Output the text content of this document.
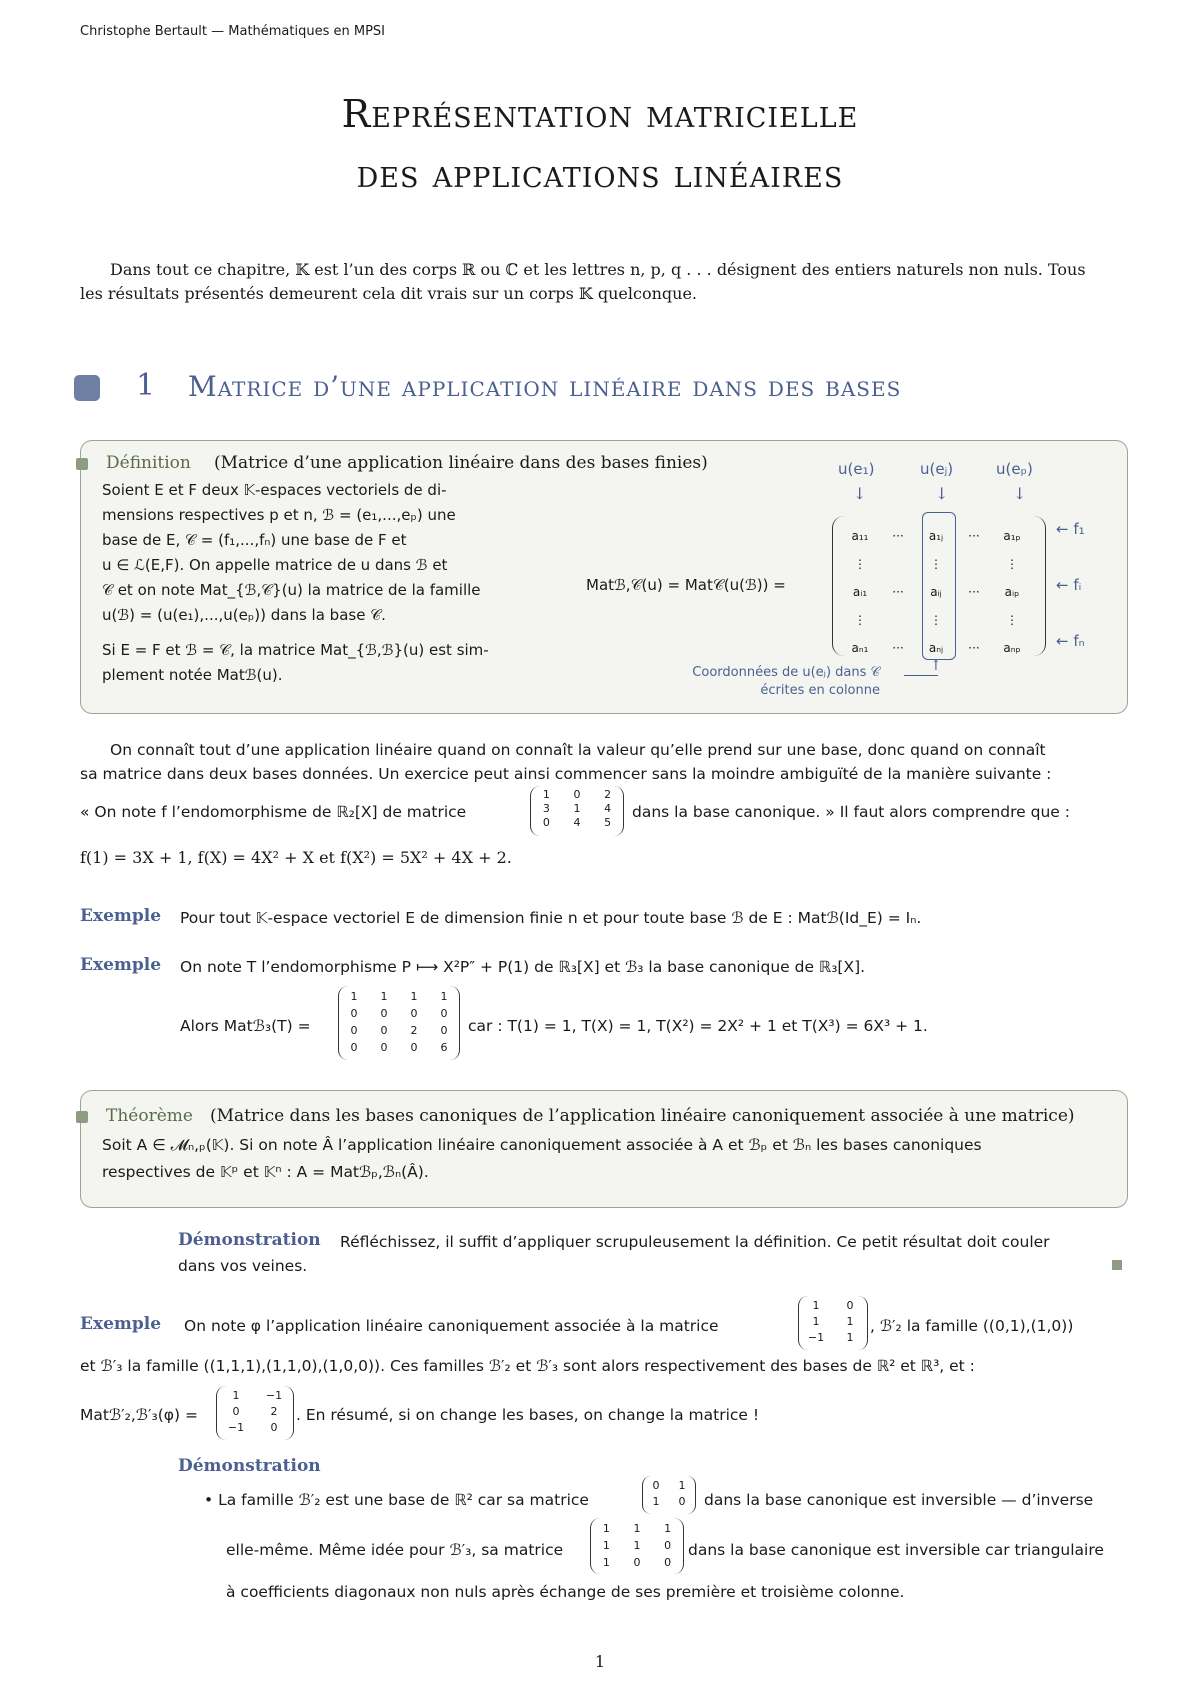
Christophe Bertault — Mathématiques en MPSI
Représentation matricielle
des applications linéaires
Dans tout ce chapitre, 𝕂 est l’un des corps ℝ ou ℂ et les lettres n, p, q . . . désignent des entiers naturels non nuls. Tous
les résultats présentés demeurent cela dit vrais sur un corps 𝕂 quelconque.
1 Matrice d’une application linéaire dans des bases
Définition (Matrice d’une application linéaire dans des bases finies)
Soient E et F deux 𝕂-espaces vectoriels de di-
mensions respectives p et n, ℬ = (e₁,...,eₚ) une
base de E, 𝒞 = (f₁,...,fₙ) une base de F et
u ∈ ℒ(E,F). On appelle matrice de u dans ℬ et
𝒞 et on note Mat_{ℬ,𝒞}(u) la matrice de la famille
u(ℬ) = (u(e₁),...,u(eₚ)) dans la base 𝒞.
Si E = F et ℬ = 𝒞, la matrice Mat_{ℬ,ℬ}(u) est sim-
plement notée Matℬ(u).
u(e₁)	u(eⱼ)	u(eₚ)
↓	↓	↓
Matℬ,𝒞(u) = Mat𝒞(u(ℬ)) =
a₁₁	···	a₁ⱼ	···	a₁ₚ
⋮	⋮	⋮
aᵢ₁	···	aᵢⱼ	···	aᵢₚ
⋮	⋮	⋮
aₙ₁	···	aₙⱼ	···	aₙₚ
← f₁
← fᵢ
← fₙ
Coordonnées de u(eⱼ) dans 𝒞
écrites en colonne
↑
On connaît tout d’une application linéaire quand on connaît la valeur qu’elle prend sur une base, donc quand on connaît
sa matrice dans deux bases données. Un exercice peut ainsi commencer sans la moindre ambiguïté de la manière suivante :
« On note f l’endomorphisme de ℝ₂[X] de matrice
1	0	2
3	1	4
0	4	5
dans la base canonique. » Il faut alors comprendre que :
f(1) = 3X + 1, f(X) = 4X² + X et f(X²) = 5X² + 4X + 2.
Exemple Pour tout 𝕂-espace vectoriel E de dimension finie n et pour toute base ℬ de E : Matℬ(Id_E) = Iₙ.
Exemple On note T l’endomorphisme P ⟼ X²P″ + P(1) de ℝ₃[X] et ℬ₃ la base canonique de ℝ₃[X].
Alors Matℬ₃(T) =
1	1	1	1
0	0	0	0
0	0	2	0
0	0	0	6
car : T(1) = 1, T(X) = 1, T(X²) = 2X² + 1 et T(X³) = 6X³ + 1.
Théorème (Matrice dans les bases canoniques de l’application linéaire canoniquement associée à une matrice)
Soit A ∈ 𝓜ₙ,ₚ(𝕂). Si on note Â l’application linéaire canoniquement associée à A et ℬₚ et ℬₙ les bases canoniques
respectives de 𝕂ᵖ et 𝕂ⁿ : A = Matℬₚ,ℬₙ(Â).
Démonstration Réfléchissez, il suffit d’appliquer scrupuleusement la définition. Ce petit résultat doit couler
dans vos veines.
Exemple On note φ l’application linéaire canoniquement associée à la matrice
1	0
1	1
−1	1
, ℬ′₂ la famille ((0,1),(1,0))
et ℬ′₃ la famille ((1,1,1),(1,1,0),(1,0,0)). Ces familles ℬ′₂ et ℬ′₃ sont alors respectivement des bases de ℝ² et ℝ³, et :
Matℬ′₂,ℬ′₃(φ) =
1	−1
0	2
−1	0
. En résumé, si on change les bases, on change la matrice !
Démonstration
• La famille ℬ′₂ est une base de ℝ² car sa matrice
0	1
1	0	dans la base canonique est inversible — d’inverse
elle-même. Même idée pour ℬ′₃, sa matrice
1	1	1
1	1	0
1	0	0
dans la base canonique est inversible car triangulaire
à coefficients diagonaux non nuls après échange de ses première et troisième colonne.
1
